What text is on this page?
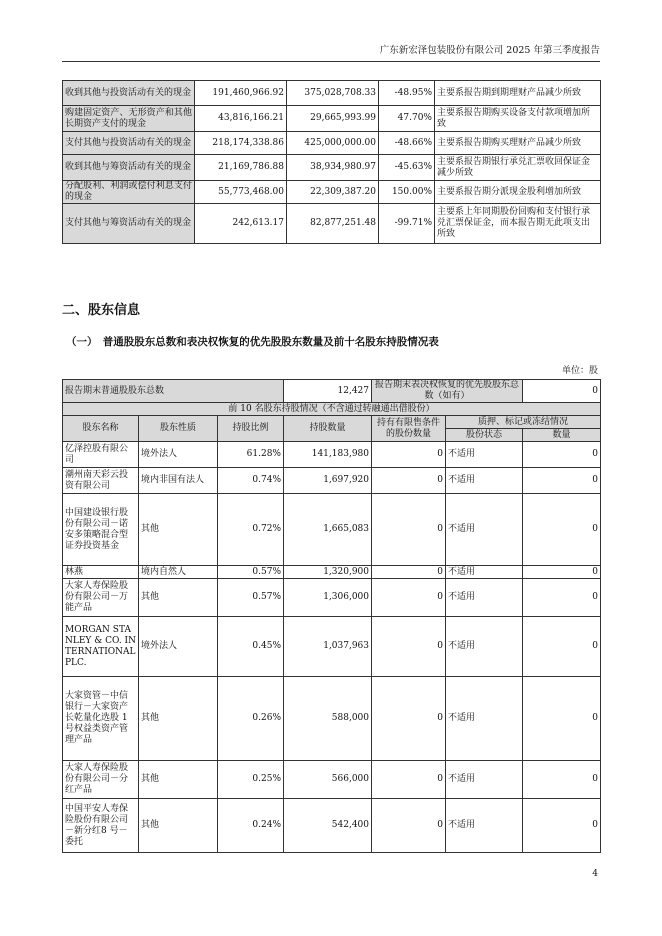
广东新宏泽包装股份有限公司 2025 年第三季度报告
收到其他与投资活动有关的现金	191,460,966.92	375,028,708.33	-48.95%	主要系报告期到期理财产品减少所致
购建固定资产、无形资产和其他长期资产支付的现金	43,816,166.21	29,665,993.99	47.70%	主要系报告期购买设备支付款项增加所致
支付其他与投资活动有关的现金	218,174,338.86	425,000,000.00	-48.66%	主要系报告期购买理财产品减少所致
收到其他与筹资活动有关的现金	21,169,786.88	38,934,980.97	-45.63%	主要系报告期银行承兑汇票收回保证金减少所致
分配股利、利润或偿付利息支付的现金	55,773,468.00	22,309,387.20	150.00%	主要系报告期分派现金股利增加所致
支付其他与筹资活动有关的现金	242,613.17	82,877,251.48	-99.71%	主要系上年同期股份回购和支付银行承兑汇票保证金，而本报告期无此项支出所致
二、股东信息
（一）　普通股股东总数和表决权恢复的优先股股东数量及前十名股东持股情况表
单位：股
报告期末普通股股东总数			12,427	报告期末表决权恢复的优先股股东总数（如有）		0
前 10 名股东持股情况（不含通过转融通出借股份）						
股东名称	股东性质	持股比例	持股数量	持有有限售条件的股份数量	质押、标记或冻结情况	
					股份状态	数量
亿泽控股有限公司	境外法人	61.28%	141,183,980	0	不适用	0
潮州南天彩云投资有限公司	境内非国有法人	0.74%	1,697,920	0	不适用	0
中国建设银行股份有限公司－诺安多策略混合型证券投资基金	其他	0.72%	1,665,083	0	不适用	0
林燕	境内自然人	0.57%	1,320,900	0	不适用	0
大家人寿保险股份有限公司－万能产品	其他	0.57%	1,306,000	0	不适用	0
MORGAN STANLEY & CO. INTERNATIONAL PLC.	境外法人	0.45%	1,037,963	0	不适用	0
大家资管－中信银行－大家资产长乾量化选股 1 号权益类资产管理产品	其他	0.26%	588,000	0	不适用	0
大家人寿保险股份有限公司－分红产品	其他	0.25%	566,000	0	不适用	0
中国平安人寿保险股份有限公司－新分红8 号－委托	其他	0.24%	542,400	0	不适用	0
4
